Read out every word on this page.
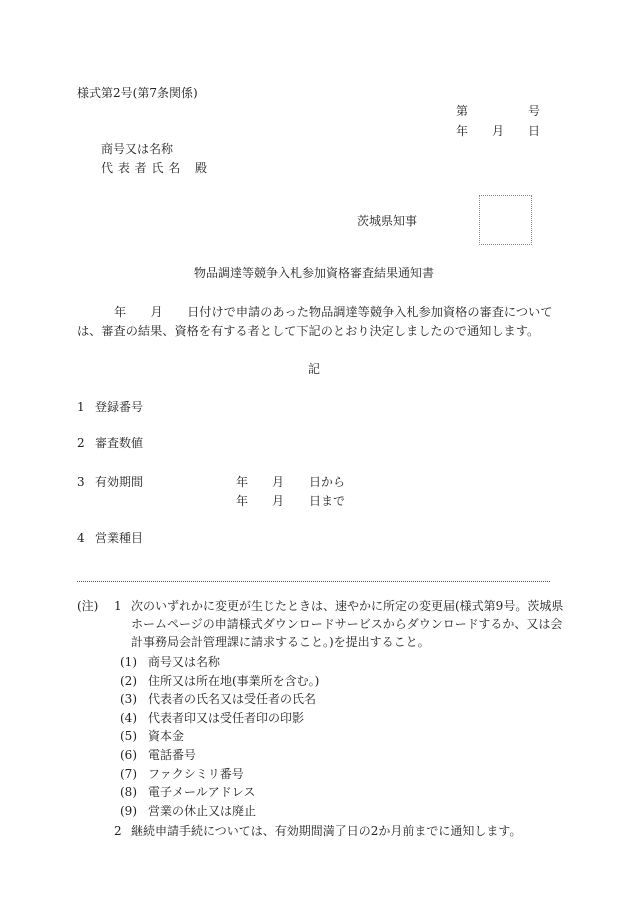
様式第2号(第7条関係)
第	号
年 月 日
商号又は名称
代 表 者 氏 名 殿
茨城県知事
物品調達等競争入札参加資格審査結果通知書
年　　月　　日付けで申請のあった物品調達等競争入札参加資格の審査について
は、審査の結果、資格を有する者として下記のとおり決定しましたので通知します。
記
1 登録番号
2 審査数値
3 有効期間	年 月 日から
年 月 日まで
4 営業種目
(注) 1 次のいずれかに変更が生じたときは、速やかに所定の変更届(様式第9号。茨城県
ホームページの申請様式ダウンロードサービスからダウンロードするか、又は会
計事務局会計管理課に請求すること。)を提出すること。
(1) 商号又は名称
(2) 住所又は所在地(事業所を含む。)
(3) 代表者の氏名又は受任者の氏名
(4) 代表者印又は受任者印の印影
(5) 資本金
(6) 電話番号
(7) ファクシミリ番号
(8) 電子メールアドレス
(9) 営業の休止又は廃止
2 継続申請手続については、有効期間満了日の2か月前までに通知します。
